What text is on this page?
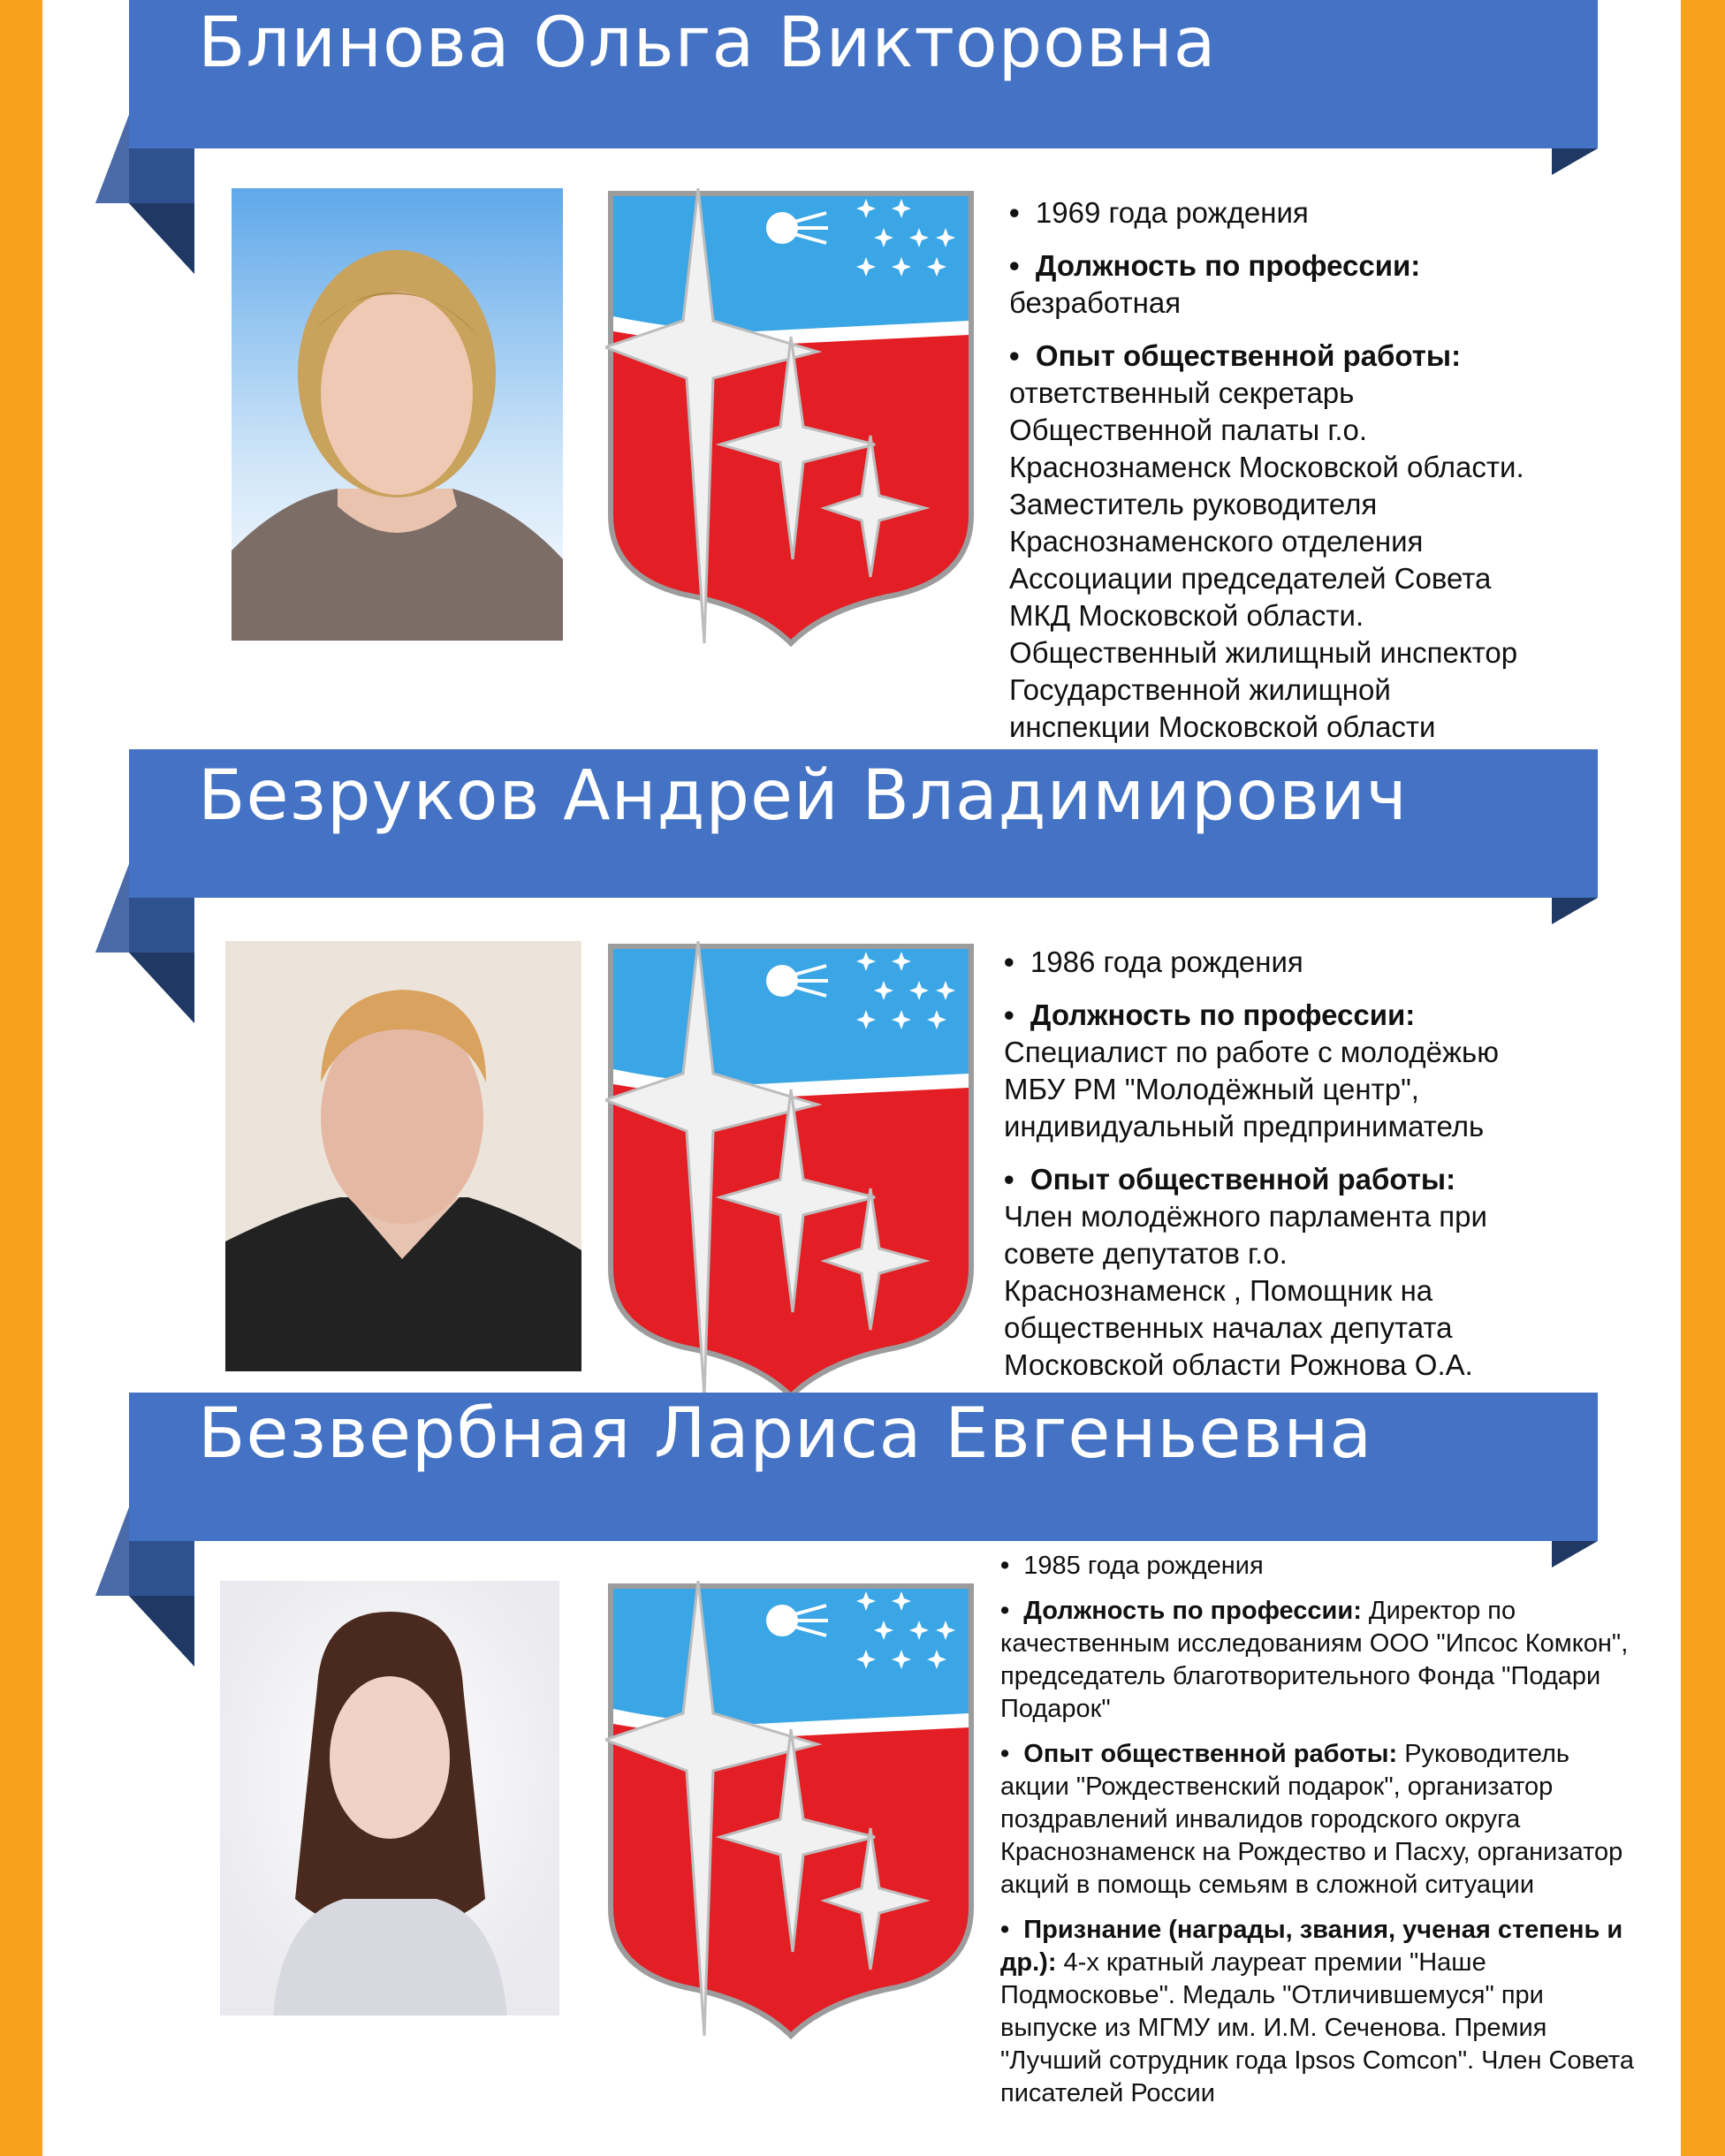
Блинова Ольга Викторовна

• 1969 года рождения

• Должность по профессии:
безработная

• Опыт общественной работы:

ответственный секретарь

Общественной палаты г.о.

Краснознаменск Московской области.

Заместитель руководителя

Краснознаменского отделения

Ассоциации председателей Совета

МКД Московской области.

Общественный жилищный инспектор

Государственной жилищной

инспекции Московской области

Безруков Андрей Владимирович

• 1986 года рождения

• Должность по профессии:

Специалист по работе с молодёжью

МБУ РМ "Молодёжный центр",

индивидуальный предприниматель

• Опыт общественной работы:

Член молодёжного парламента при

совете депутатов г.о.

Краснознаменск , Помощник на

общественных началах депутата

Московской области Рожнова О.А.

Безвербная Лариса Евгеньевна

• 1985 года рождения

• Должность по профессии: Директор по качественным исследованиям ООО "Ипсос Комкон", председатель благотворительного Фонда "Подари Подарок"

• Опыт общественной работы: Руководитель акции "Рождественский подарок", организатор поздравлений инвалидов городского округа Краснознаменск на Рождество и Пасху, организатор акций в помощь семьям в сложной ситуации

• Признание (награды, звания, ученая степень и др.): 4-х кратный лауреат премии "Наше Подмосковье". Медаль "Отличившемуся" при выпуске из МГМУ им. И.М. Сеченова. Премия "Лучший сотрудник года Ipsos Comcon". Член Совета писателей России
